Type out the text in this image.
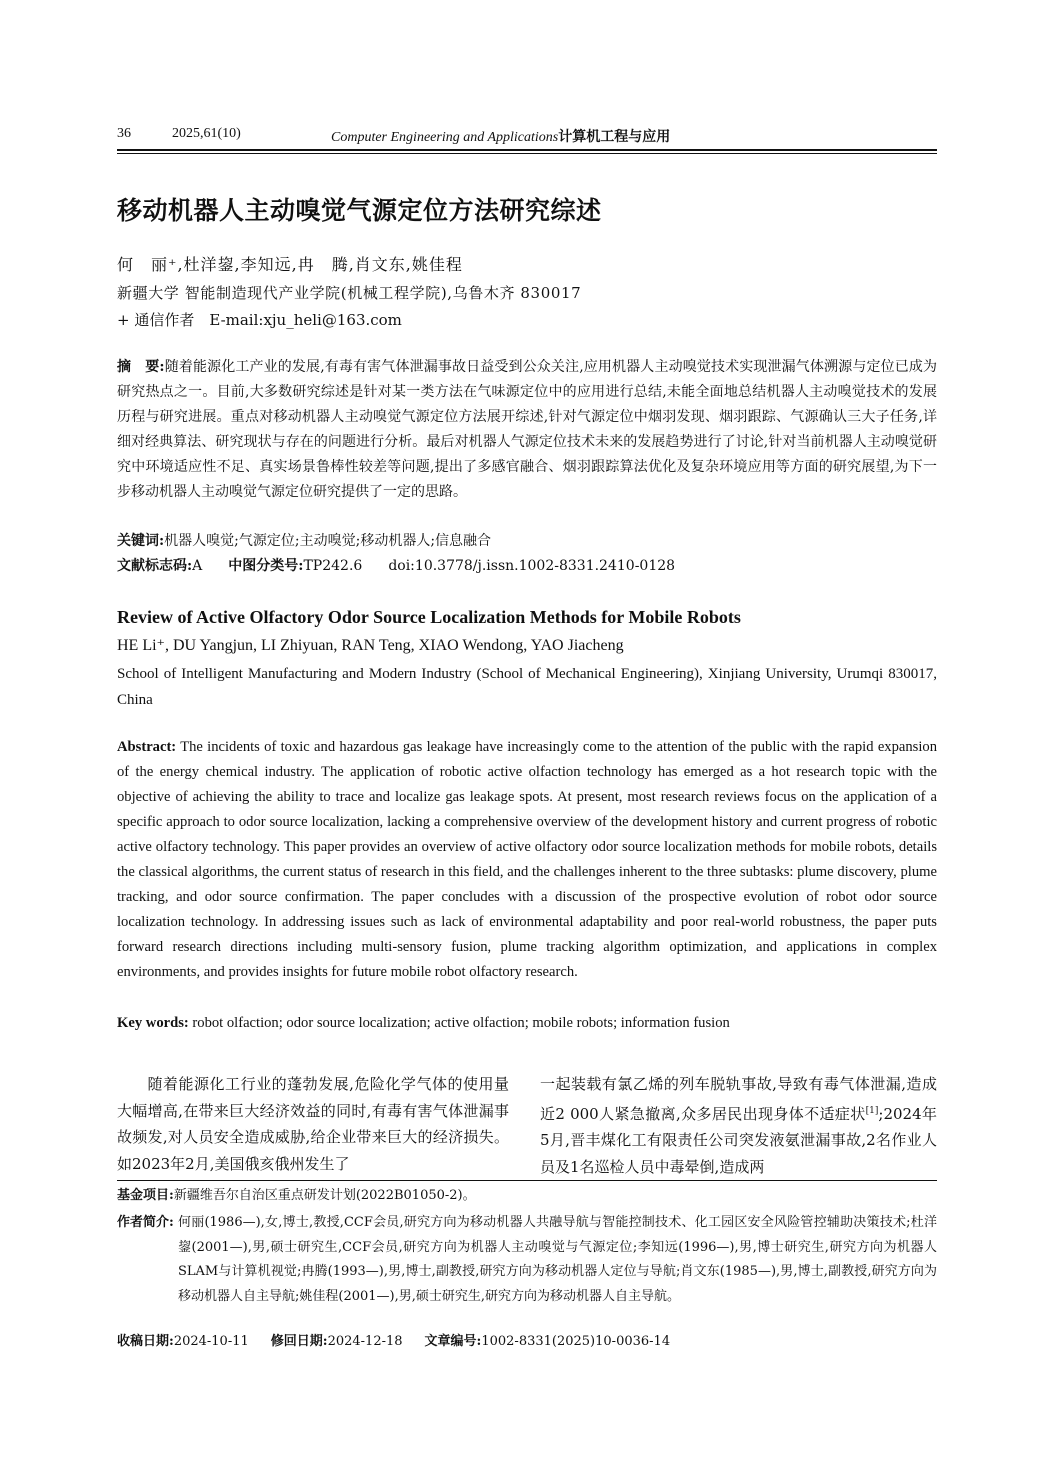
36	2025,61(10)	Computer Engineering and Applications计算机工程与应用
移动机器人主动嗅觉气源定位方法研究综述
何　丽⁺,杜洋鋆,李知远,冉　腾,肖文东,姚佳程
新疆大学 智能制造现代产业学院(机械工程学院),乌鲁木齐 830017
+ 通信作者　E-mail:xju_heli@163.com
摘　要:随着能源化工产业的发展,有毒有害气体泄漏事故日益受到公众关注,应用机器人主动嗅觉技术实现泄漏气体溯源与定位已成为研究热点之一。目前,大多数研究综述是针对某一类方法在气味源定位中的应用进行总结,未能全面地总结机器人主动嗅觉技术的发展历程与研究进展。重点对移动机器人主动嗅觉气源定位方法展开综述,针对气源定位中烟羽发现、烟羽跟踪、气源确认三大子任务,详细对经典算法、研究现状与存在的问题进行分析。最后对机器人气源定位技术未来的发展趋势进行了讨论,针对当前机器人主动嗅觉研究中环境适应性不足、真实场景鲁棒性较差等问题,提出了多感官融合、烟羽跟踪算法优化及复杂环境应用等方面的研究展望,为下一步移动机器人主动嗅觉气源定位研究提供了一定的思路。
关键词:机器人嗅觉;气源定位;主动嗅觉;移动机器人;信息融合
文献标志码:A 中图分类号:TP242.6 doi:10.3778/j.issn.1002-8331.2410-0128
Review of Active Olfactory Odor Source Localization Methods for Mobile Robots
HE Li⁺, DU Yangjun, LI Zhiyuan, RAN Teng, XIAO Wendong, YAO Jiacheng
School of Intelligent Manufacturing and Modern Industry (School of Mechanical Engineering), Xinjiang University, Urumqi 830017, China
Abstract: The incidents of toxic and hazardous gas leakage have increasingly come to the attention of the public with the rapid expansion of the energy chemical industry. The application of robotic active olfaction technology has emerged as a hot research topic with the objective of achieving the ability to trace and localize gas leakage spots. At present, most research reviews focus on the application of a specific approach to odor source localization, lacking a comprehensive overview of the development history and current progress of robotic active olfactory technology. This paper provides an overview of active olfactory odor source localization methods for mobile robots, details the classical algorithms, the current status of research in this field, and the challenges inherent to the three subtasks: plume discovery, plume tracking, and odor source confirmation. The paper concludes with a discussion of the prospective evolution of robot odor source localization technology. In addressing issues such as lack of environmental adaptability and poor real-world robustness, the paper puts forward research directions including multi-sensory fusion, plume tracking algorithm optimization, and applications in complex environments, and provides insights for future mobile robot olfactory research.
Key words: robot olfaction; odor source localization; active olfaction; mobile robots; information fusion
随着能源化工行业的蓬勃发展,危险化学气体的使用量大幅增高,在带来巨大经济效益的同时,有毒有害气体泄漏事故频发,对人员安全造成威胁,给企业带来巨大的经济损失。如2023年2月,美国俄亥俄州发生了
一起装载有氯乙烯的列车脱轨事故,导致有毒气体泄漏,造成近2 000人紧急撤离,众多居民出现身体不适症状[1];2024年5月,晋丰煤化工有限责任公司突发液氨泄漏事故,2名作业人员及1名巡检人员中毒晕倒,造成两
基金项目:新疆维吾尔自治区重点研发计划(2022B01050-2)。
作者简介: 何丽(1986—),女,博士,教授,CCF会员,研究方向为移动机器人共融导航与智能控制技术、化工园区安全风险管控辅助决策技术;杜洋鋆(2001—),男,硕士研究生,CCF会员,研究方向为机器人主动嗅觉与气源定位;李知远(1996—),男,博士研究生,研究方向为机器人SLAM与计算机视觉;冉腾(1993—),男,博士,副教授,研究方向为移动机器人定位与导航;肖文东(1985—),男,博士,副教授,研究方向为移动机器人自主导航;姚佳程(2001—),男,硕士研究生,研究方向为移动机器人自主导航。
收稿日期:2024-10-11 修回日期:2024-12-18 文章编号:1002-8331(2025)10-0036-14
